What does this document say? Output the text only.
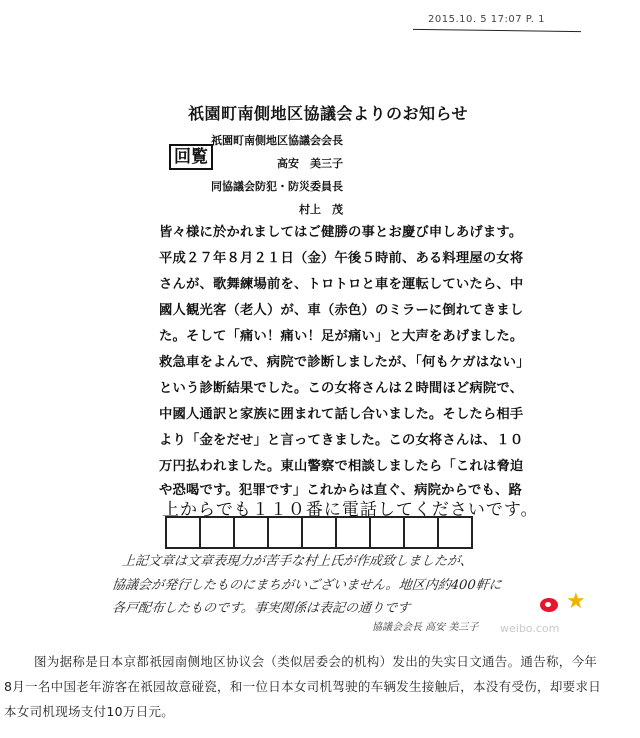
2015.10. 5 17:07 P. 1
祇園町南側地区協議会よりのお知らせ
祇園町南側地区協議会会長
高安　美三子
同協議会防犯・防災委員長
村上　茂
回覧
皆々様に於かれましてはご健勝の事とお慶び申しあげます。
平成２７年８月２１日（金）午後５時前、ある料理屋の女将
さんが、歌舞練場前を、トロトロと車を運転していたら、中
國人観光客（老人）が、車（赤色）のミラーに倒れてきまし
た。そして「痛い！痛い！足が痛い」と大声をあげました。
救急車をよんで、病院で診断しましたが、「何もケガはない」
という診断結果でした。この女将さんは２時間ほど病院で、
中國人通訳と家族に囲まれて話し合いました。そしたら相手
より「金をだせ」と言ってきました。この女将さんは、１０
万円払われました。東山警察で相談しましたら「これは脅迫
や恐喝です。犯罪です」これからは直ぐ、病院からでも、路
上からでも１１０番に電話してくださいです。
上記文章は文章表現力が苦手な村上氏が作成致しましたが、
協議会が発行したものにまちがいございません。地区内約400軒に
各戸配布したものです。事実関係は表記の通りです
協議会会長 高安 美三子 weibo.com
★
图为据称是日本京都祇园南侧地区协议会（类似居委会的机构）发出的失实日文通告。通告称，今年
8月一名中国老年游客在祇园故意碰瓷，和一位日本女司机驾驶的车辆发生接触后，本没有受伤，却要求日
本女司机现场支付10万日元。
